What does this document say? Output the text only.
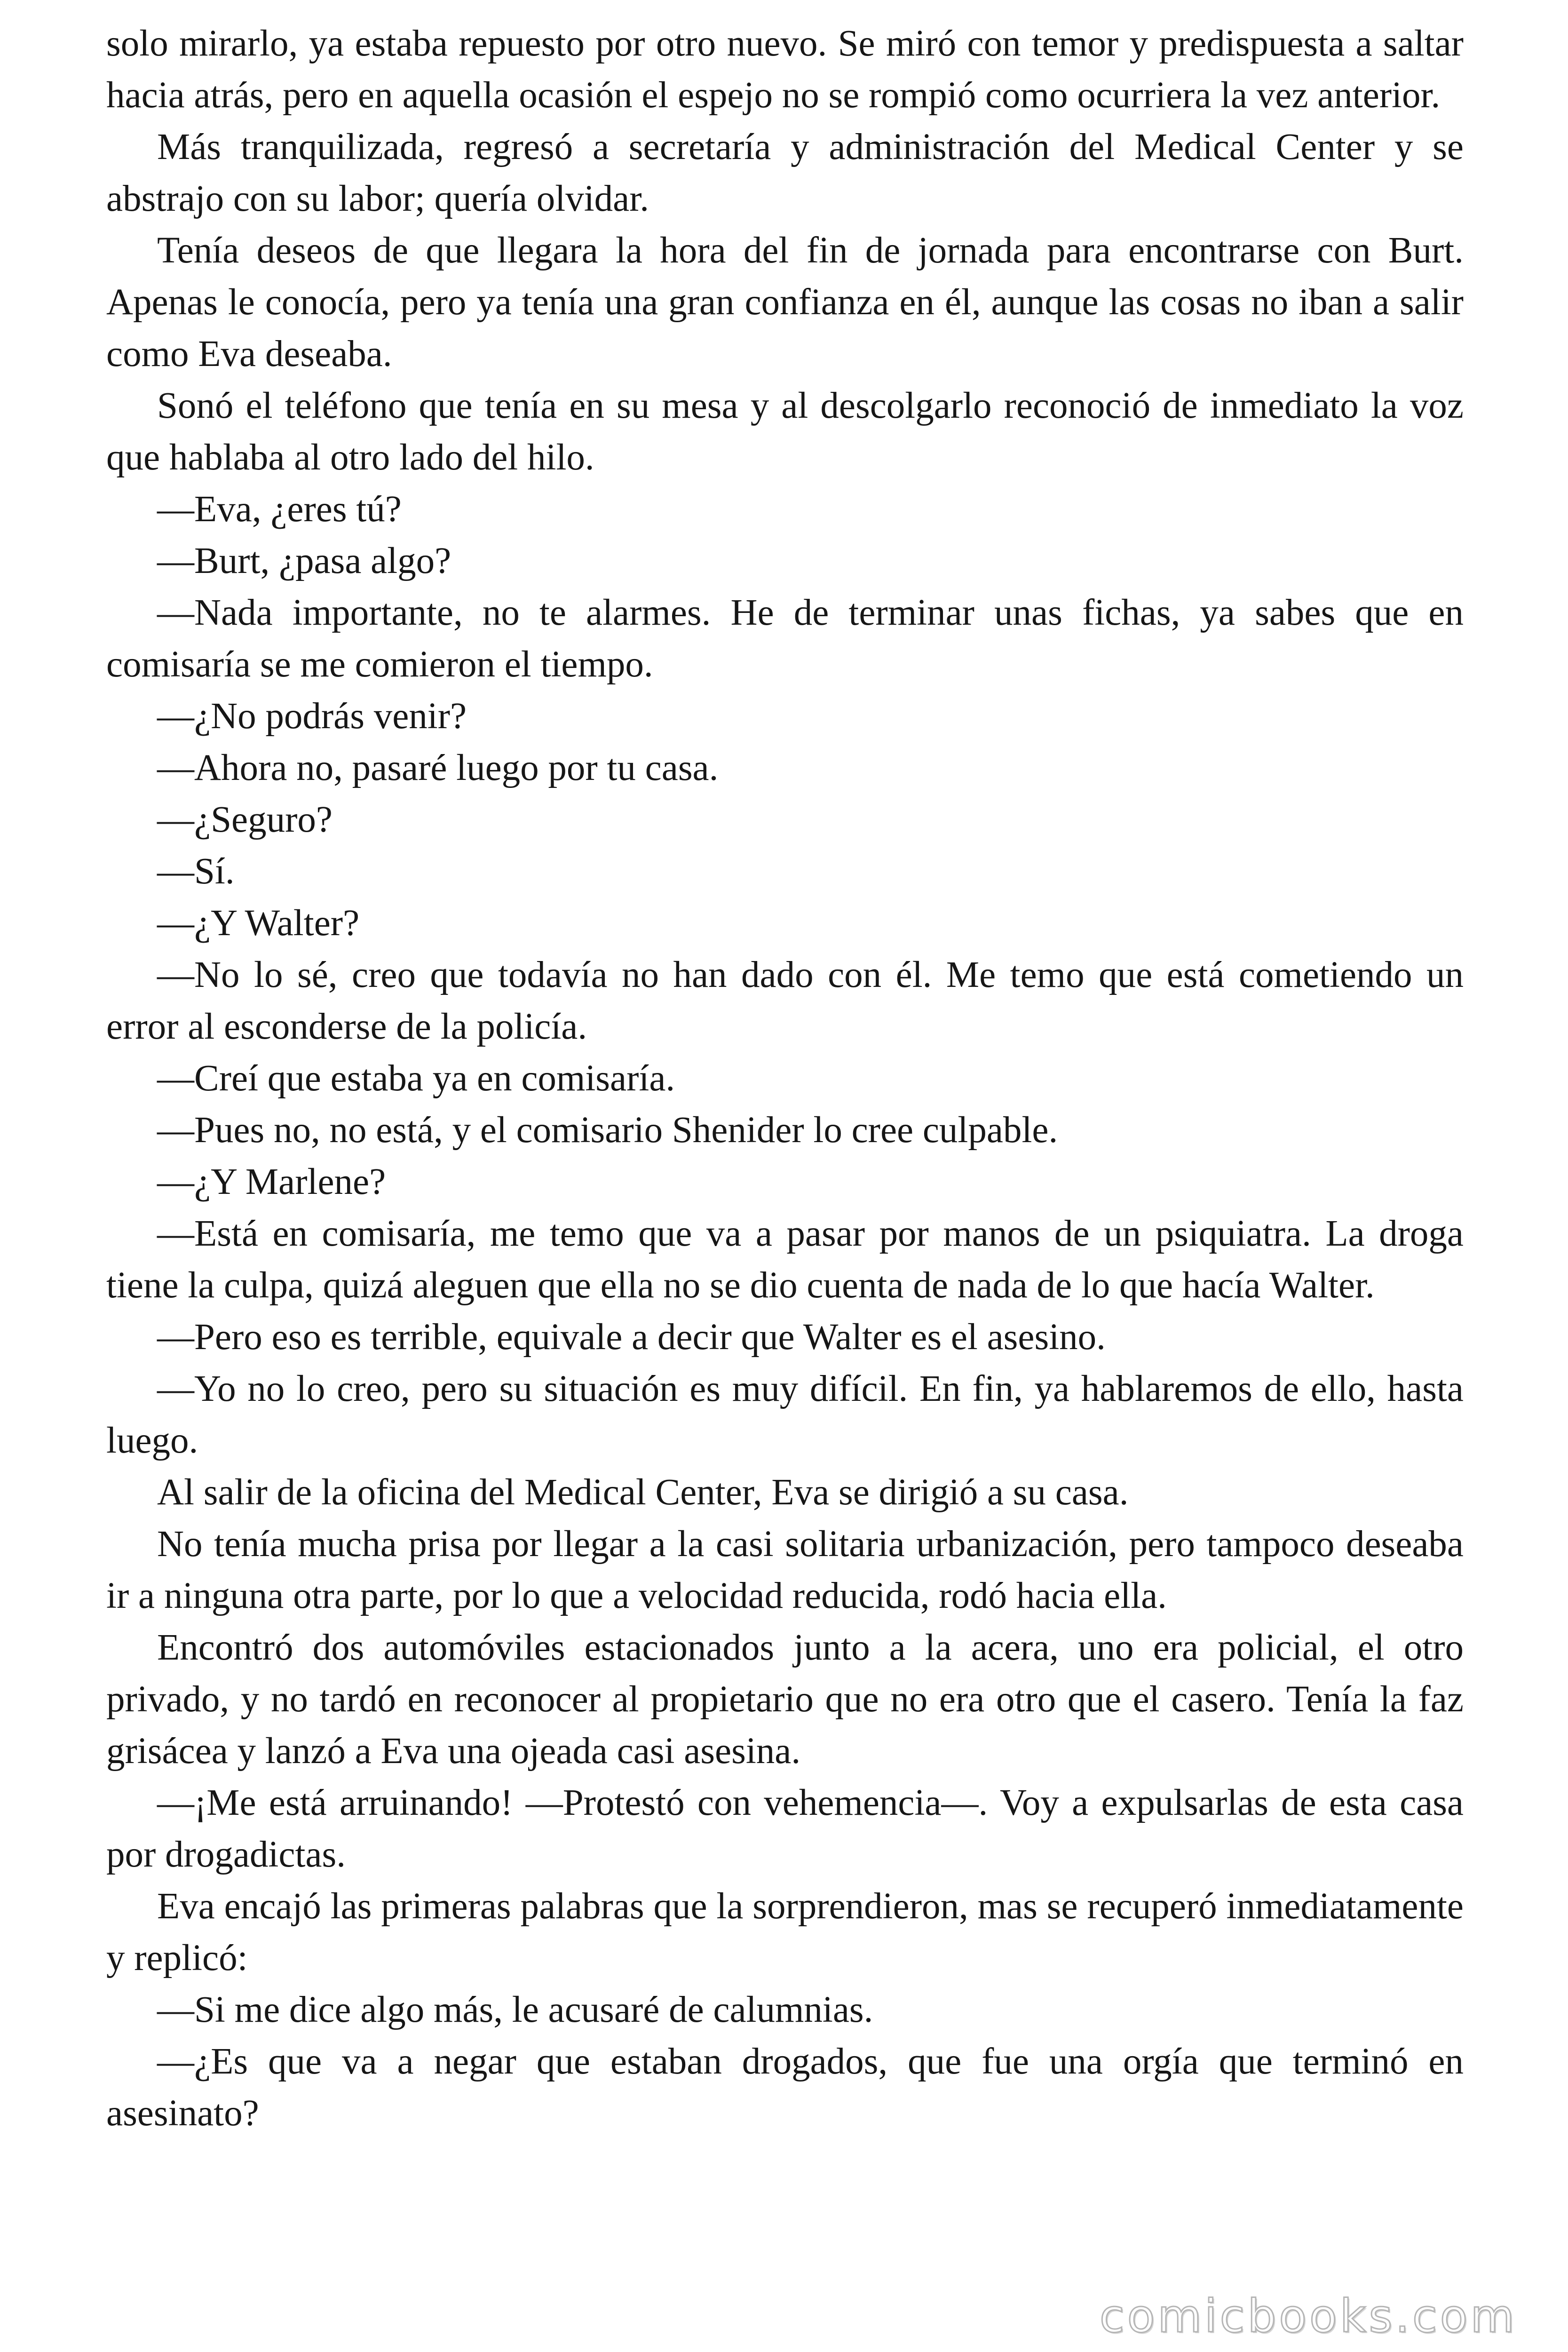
solo mirarlo, ya estaba repuesto por otro nuevo. Se miró con temor y predispuesta a saltar hacia atrás, pero en aquella ocasión el espejo no se rompió como ocurriera la vez anterior.

Más tranquilizada, regresó a secretaría y administración del Medical Center y se abstrajo con su labor; quería olvidar.

Tenía deseos de que llegara la hora del fin de jornada para encontrarse con Burt. Apenas le conocía, pero ya tenía una gran confianza en él, aunque las cosas no iban a salir como Eva deseaba.

Sonó el teléfono que tenía en su mesa y al descolgarlo reconoció de inmediato la voz que hablaba al otro lado del hilo.

—Eva, ¿eres tú?

—Burt, ¿pasa algo?

—Nada importante, no te alarmes. He de terminar unas fichas, ya sabes que en comisaría se me comieron el tiempo.

—¿No podrás venir?

—Ahora no, pasaré luego por tu casa.

—¿Seguro?

—Sí.

—¿Y Walter?

—No lo sé, creo que todavía no han dado con él. Me temo que está cometiendo un error al esconderse de la policía.

—Creí que estaba ya en comisaría.

—Pues no, no está, y el comisario Shenider lo cree culpable.

—¿Y Marlene?

—Está en comisaría, me temo que va a pasar por manos de un psiquiatra. La droga tiene la culpa, quizá aleguen que ella no se dio cuenta de nada de lo que hacía Walter.

—Pero eso es terrible, equivale a decir que Walter es el asesino.

—Yo no lo creo, pero su situación es muy difícil. En fin, ya hablaremos de ello, hasta luego.

Al salir de la oficina del Medical Center, Eva se dirigió a su casa.

No tenía mucha prisa por llegar a la casi solitaria urbanización, pero tampoco deseaba ir a ninguna otra parte, por lo que a velocidad reducida, rodó hacia ella.

Encontró dos automóviles estacionados junto a la acera, uno era policial, el otro privado, y no tardó en reconocer al propietario que no era otro que el casero. Tenía la faz grisácea y lanzó a Eva una ojeada casi asesina.

—¡Me está arruinando! —Protestó con vehemencia—. Voy a expulsarlas de esta casa por drogadictas.

Eva encajó las primeras palabras que la sorprendieron, mas se recuperó inmediatamente y replicó:

—Si me dice algo más, le acusaré de calumnias.

—¿Es que va a negar que estaban drogados, que fue una orgía que terminó en asesinato?

comicbooks.com
